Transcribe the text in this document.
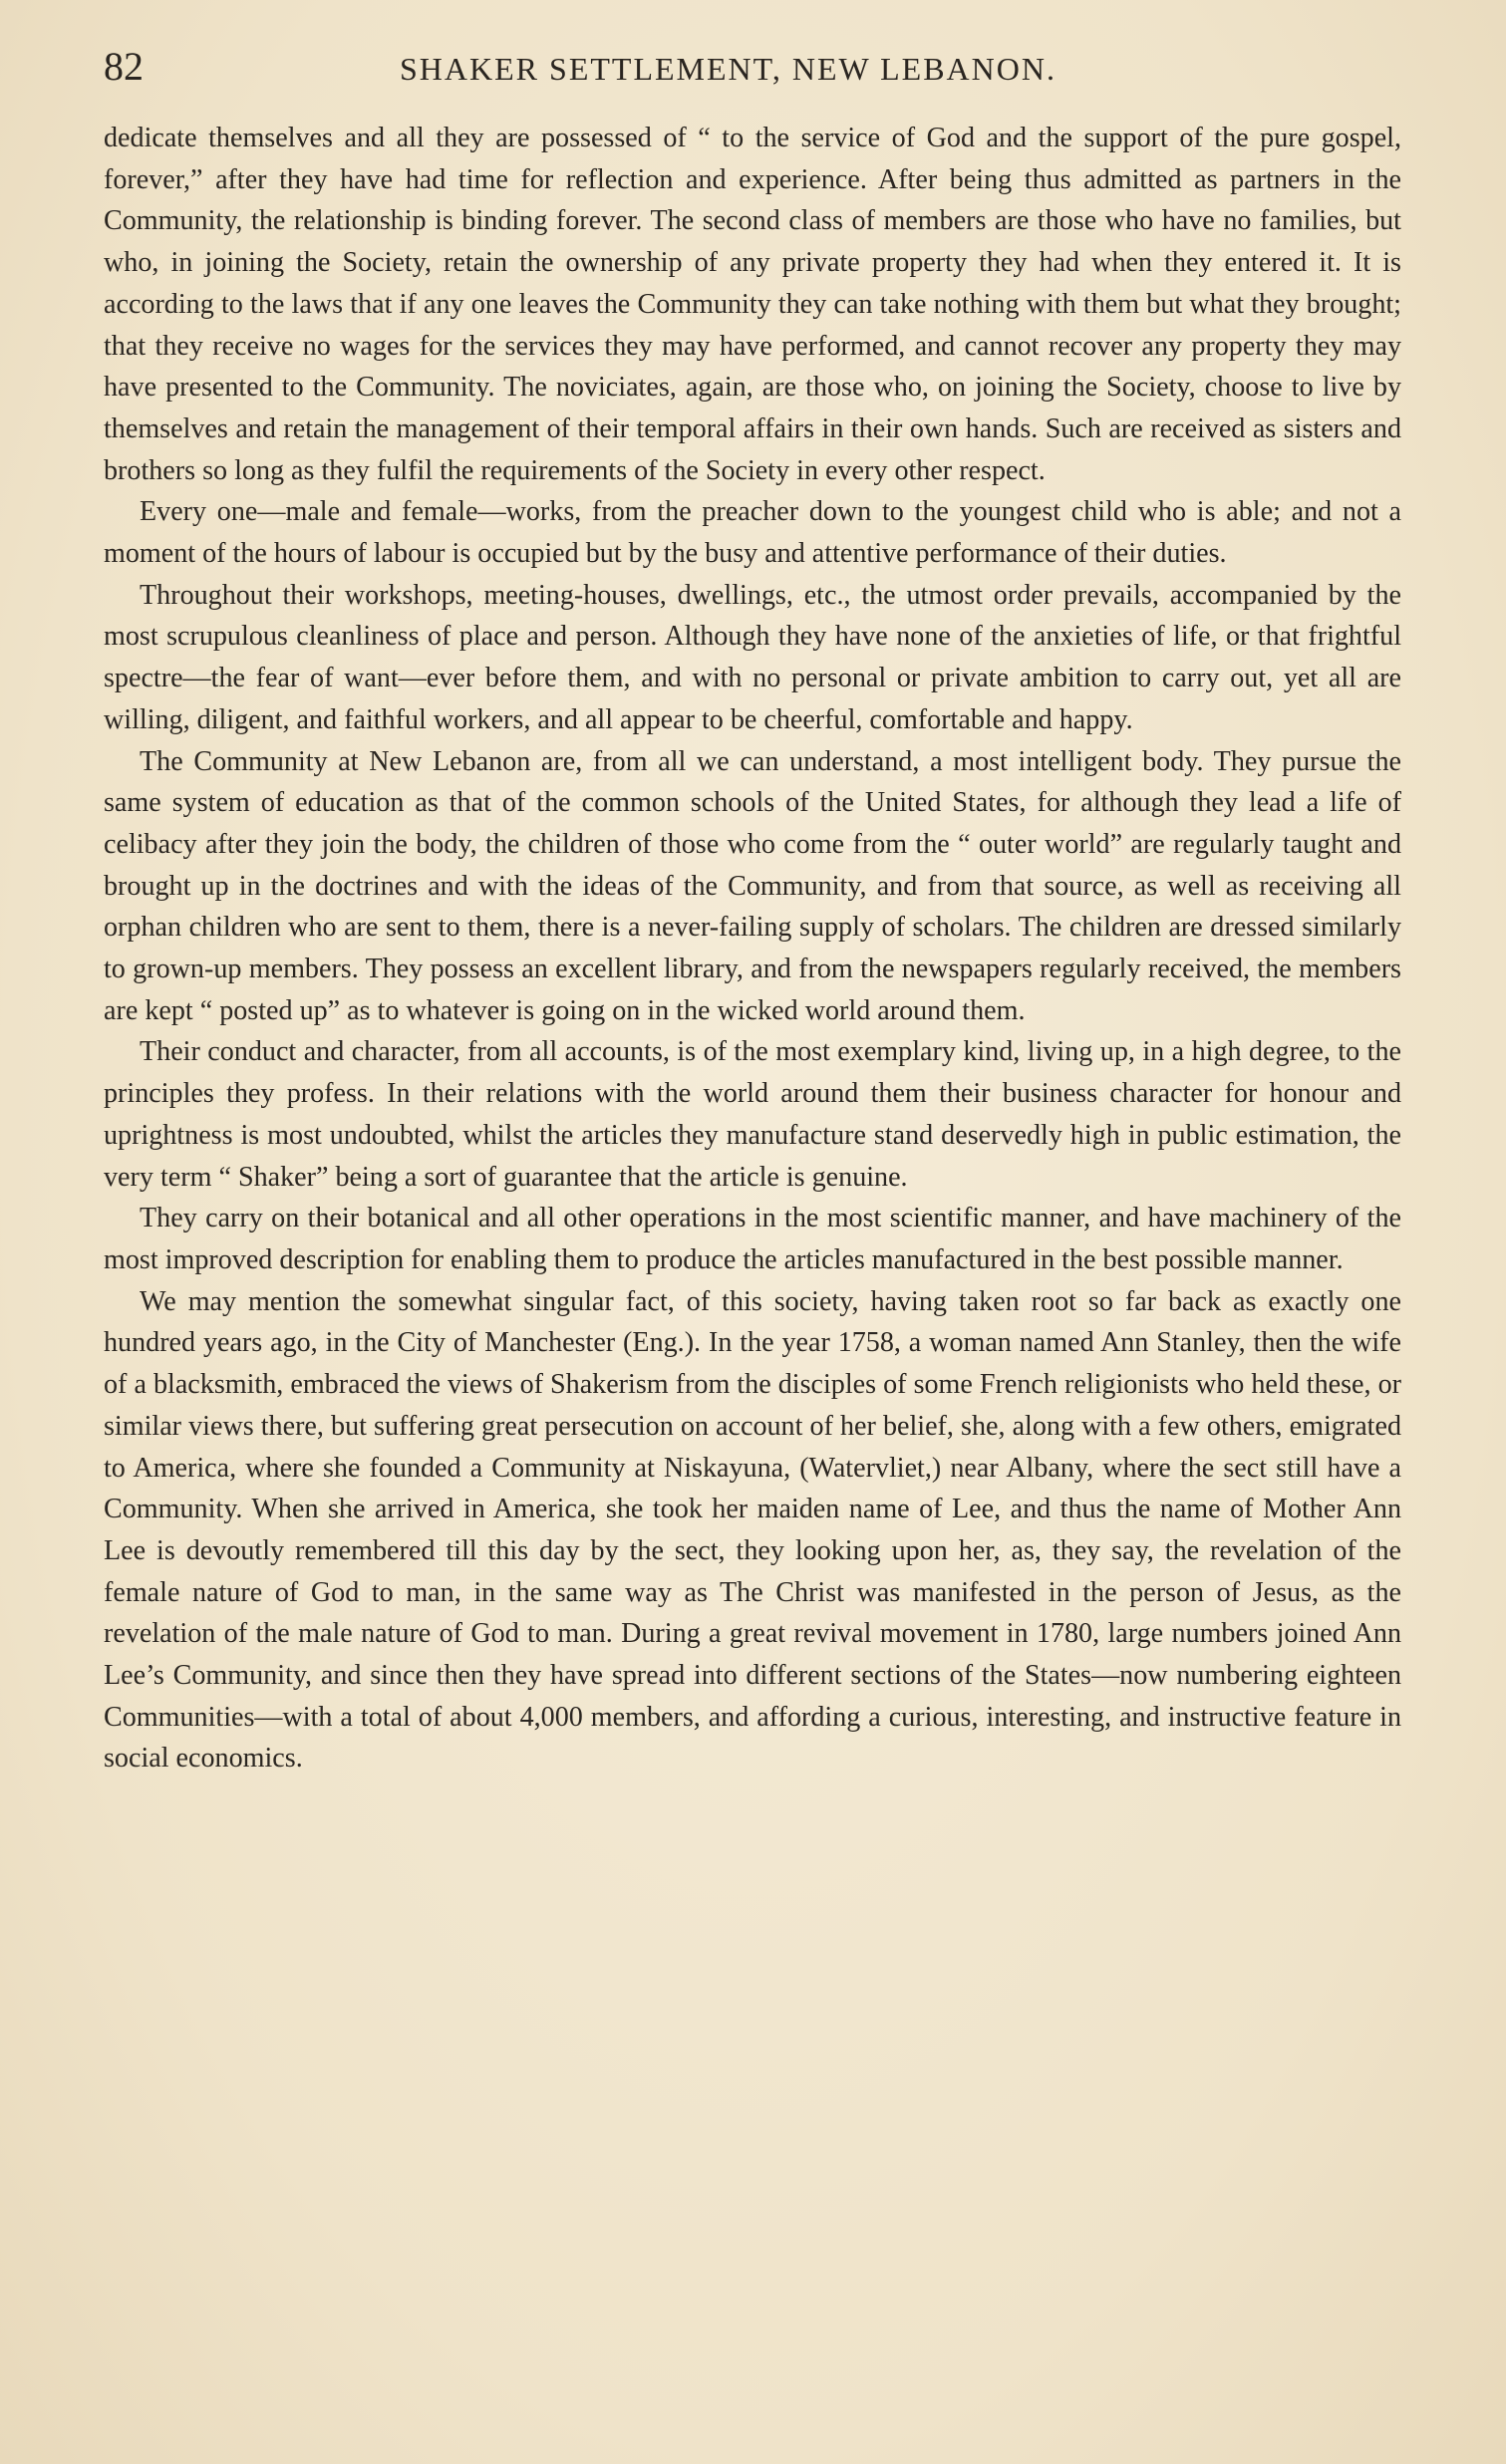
82	SHAKER SETTLEMENT, NEW LEBANON.

dedicate themselves and all they are possessed of “ to the service of God and the support of the pure gospel, forever,” after they have had time for reflection and experience. After being thus admitted as partners in the Community, the relationship is binding forever. The second class of members are those who have no families, but who, in joining the Society, retain the ownership of any private property they had when they entered it. It is according to the laws that if any one leaves the Community they can take nothing with them but what they brought; that they receive no wages for the services they may have performed, and cannot recover any property they may have presented to the Community. The noviciates, again, are those who, on joining the Society, choose to live by themselves and retain the management of their temporal affairs in their own hands. Such are received as sisters and brothers so long as they fulfil the requirements of the Society in every other respect.

Every one—male and female—works, from the preacher down to the youngest child who is able; and not a moment of the hours of labour is occupied but by the busy and attentive performance of their duties.

Throughout their workshops, meeting-houses, dwellings, etc., the utmost order prevails, accompanied by the most scrupulous cleanliness of place and person. Although they have none of the anxieties of life, or that frightful spectre—the fear of want—ever before them, and with no personal or private ambition to carry out, yet all are willing, diligent, and faithful workers, and all appear to be cheerful, comfortable and happy.

The Community at New Lebanon are, from all we can understand, a most intelligent body. They pursue the same system of education as that of the common schools of the United States, for although they lead a life of celibacy after they join the body, the children of those who come from the “ outer world” are regularly taught and brought up in the doctrines and with the ideas of the Community, and from that source, as well as receiving all orphan children who are sent to them, there is a never-failing supply of scholars. The children are dressed similarly to grown-up members. They possess an excellent library, and from the newspapers regularly received, the members are kept “ posted up” as to whatever is going on in the wicked world around them.

Their conduct and character, from all accounts, is of the most exemplary kind, living up, in a high degree, to the principles they profess. In their relations with the world around them their business character for honour and uprightness is most undoubted, whilst the articles they manufacture stand deservedly high in public estimation, the very term “ Shaker” being a sort of guarantee that the article is genuine.

They carry on their botanical and all other operations in the most scientific manner, and have machinery of the most improved description for enabling them to produce the articles manufactured in the best possible manner.

We may mention the somewhat singular fact, of this society, having taken root so far back as exactly one hundred years ago, in the City of Manchester (Eng.). In the year 1758, a woman named Ann Stanley, then the wife of a blacksmith, embraced the views of Shakerism from the disciples of some French religionists who held these, or similar views there, but suffering great persecution on account of her belief, she, along with a few others, emigrated to America, where she founded a Community at Niskayuna, (Watervliet,) near Albany, where the sect still have a Community. When she arrived in America, she took her maiden name of Lee, and thus the name of Mother Ann Lee is devoutly remembered till this day by the sect, they looking upon her, as, they say, the revelation of the female nature of God to man, in the same way as The Christ was manifested in the person of Jesus, as the revelation of the male nature of God to man. During a great revival movement in 1780, large numbers joined Ann Lee’s Community, and since then they have spread into different sections of the States—now numbering eighteen Communities—with a total of about 4,000 members, and affording a curious, interesting, and instructive feature in social economics.
